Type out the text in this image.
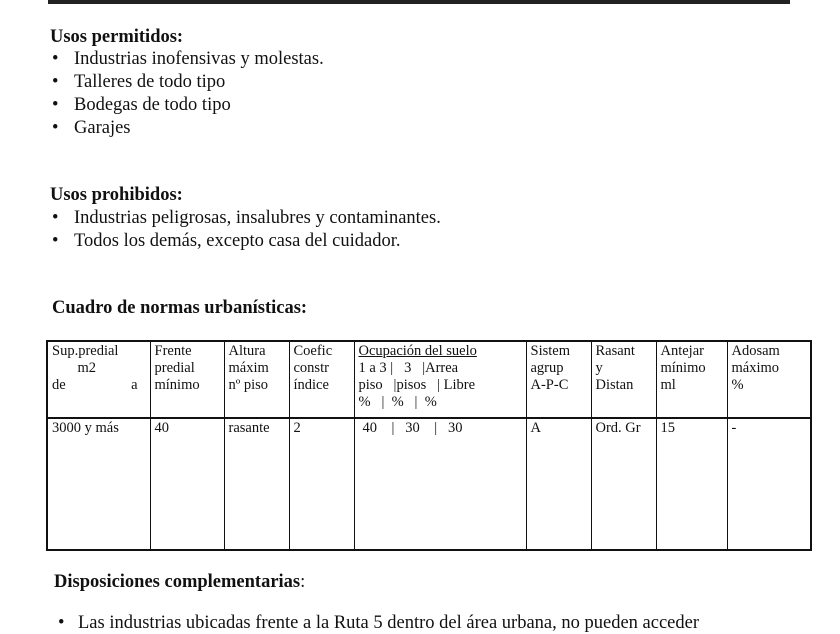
Usos permitidos:
• Industrias inofensivas y molestas.
• Talleres de todo tipo
• Bodegas de todo tipo
• Garajes
Usos prohibidos:
• Industrias peligrosas, insalubres y contaminantes.
• Todos los demás, excepto casa del cuidador.
Cuadro de normas urbanísticas:
Sup.predial
m2
de a	Frente
predial
mínimo	Altura
máxim
nº piso	Coefic
constr
índice	Ocupación del suelo
1 a 3 |   3   |Arrea
piso   |pisos   | Libre
%   |  %   |  %	Sistem
agrup
A-P-C	Rasant
y
Distan	Antejar
mínimo
ml	Adosam
máximo
%

3000 y más	40	rasante	2	40    |   30    |   30	A	Ord. Gr	15	-
Disposiciones complementarias:
• Las industrias ubicadas frente a la Ruta 5 dentro del área urbana, no pueden acceder
